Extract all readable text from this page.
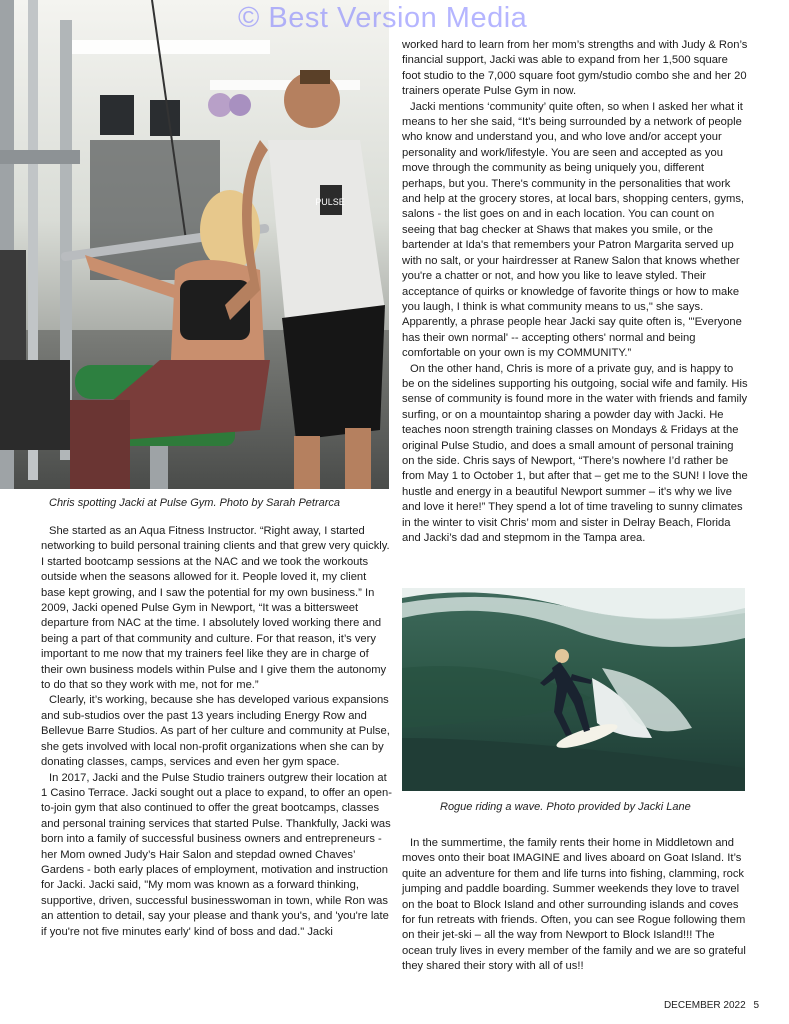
PULSE
© Best Version Media
Chris spotting Jacki at Pulse Gym. Photo by Sarah Petrarca

She started as an Aqua Fitness Instructor. “Right away, I started networking to build personal training clients and that grew very quickly. I started bootcamp sessions at the NAC and we took the workouts outside when the seasons allowed for it. People loved it, my client base kept growing, and I saw the potential for my own business.” In 2009, Jacki opened Pulse Gym in Newport, “It was a bittersweet departure from NAC at the time. I absolutely loved working there and being a part of that community and culture. For that reason, it’s very important to me now that my trainers feel like they are in charge of their own business models within Pulse and I give them the autonomy to do that so they work with me, not for me.”

Clearly, it’s working, because she has developed various expansions and sub-studios over the past 13 years including Energy Row and Bellevue Barre Studios. As part of her culture and community at Pulse, she gets involved with local non-profit organizations when she can by donating classes, camps, services and even her gym space.

In 2017, Jacki and the Pulse Studio trainers outgrew their location at 1 Casino Terrace. Jacki sought out a place to expand, to offer an open-to-join gym that also continued to offer the great bootcamps, classes and personal training services that started Pulse. Thankfully, Jacki was born into a family of successful business owners and entrepreneurs - her Mom owned Judy’s Hair Salon and stepdad owned Chaves’ Gardens - both early places of employment, motivation and instruction for Jacki. Jacki said, "My mom was known as a forward thinking, supportive, driven, successful businesswoman in town, while Ron was an attention to detail, say your please and thank you's, and 'you're late if you're not five minutes early' kind of boss and dad." Jacki

worked hard to learn from her mom’s strengths and with Judy & Ron’s financial support, Jacki was able to expand from her 1,500 square foot studio to the 7,000 square foot gym/studio combo she and her 20 trainers operate Pulse Gym in now.

Jacki mentions ‘community’ quite often, so when I asked her what it means to her she said, “It's being surrounded by a network of people who know and understand you, and who love and/or accept your personality and work/lifestyle. You are seen and accepted as you move through the community as being uniquely you, different perhaps, but you. There's community in the personalities that work and help at the grocery stores, at local bars, shopping centers, gyms, salons - the list goes on and in each location. You can count on seeing that bag checker at Shaws that makes you smile, or the bartender at Ida's that remembers your Patron Margarita served up with no salt, or your hairdresser at Ranew Salon that knows whether you're a chatter or not, and how you like to leave styled. Their acceptance of quirks or knowledge of favorite things or how to make you laugh, I think is what community means to us," she says. Apparently, a phrase people hear Jacki say quite often is, "'Everyone has their own normal' -- accepting others' normal and being comfortable on your own is my COMMUNITY.”

On the other hand, Chris is more of a private guy, and is happy to be on the sidelines supporting his outgoing, social wife and family. His sense of community is found more in the water with friends and family surfing, or on a mountaintop sharing a powder day with Jacki. He teaches noon strength training classes on Mondays & Fridays at the original Pulse Studio, and does a small amount of personal training on the side. Chris says of Newport, “There’s nowhere I’d rather be from May 1 to October 1, but after that – get me to the SUN! I love the hustle and energy in a beautiful Newport summer – it’s why we live and love it here!” They spend a lot of time traveling to sunny climates in the winter to visit Chris’ mom and sister in Delray Beach, Florida and Jacki’s dad and stepmom in the Tampa area.

Rogue riding a wave. Photo provided by Jacki Lane

In the summertime, the family rents their home in Middletown and moves onto their boat IMAGINE and lives aboard on Goat Island. It’s quite an adventure for them and life turns into fishing, clamming, rock jumping and paddle boarding. Summer weekends they love to travel on the boat to Block Island and other surrounding islands and coves for fun retreats with friends. Often, you can see Rogue following them on their jet-ski – all the way from Newport to Block Island!!! The ocean truly lives in every member of the family and we are so grateful they shared their story with all of us!!

DECEMBER 2022 5
